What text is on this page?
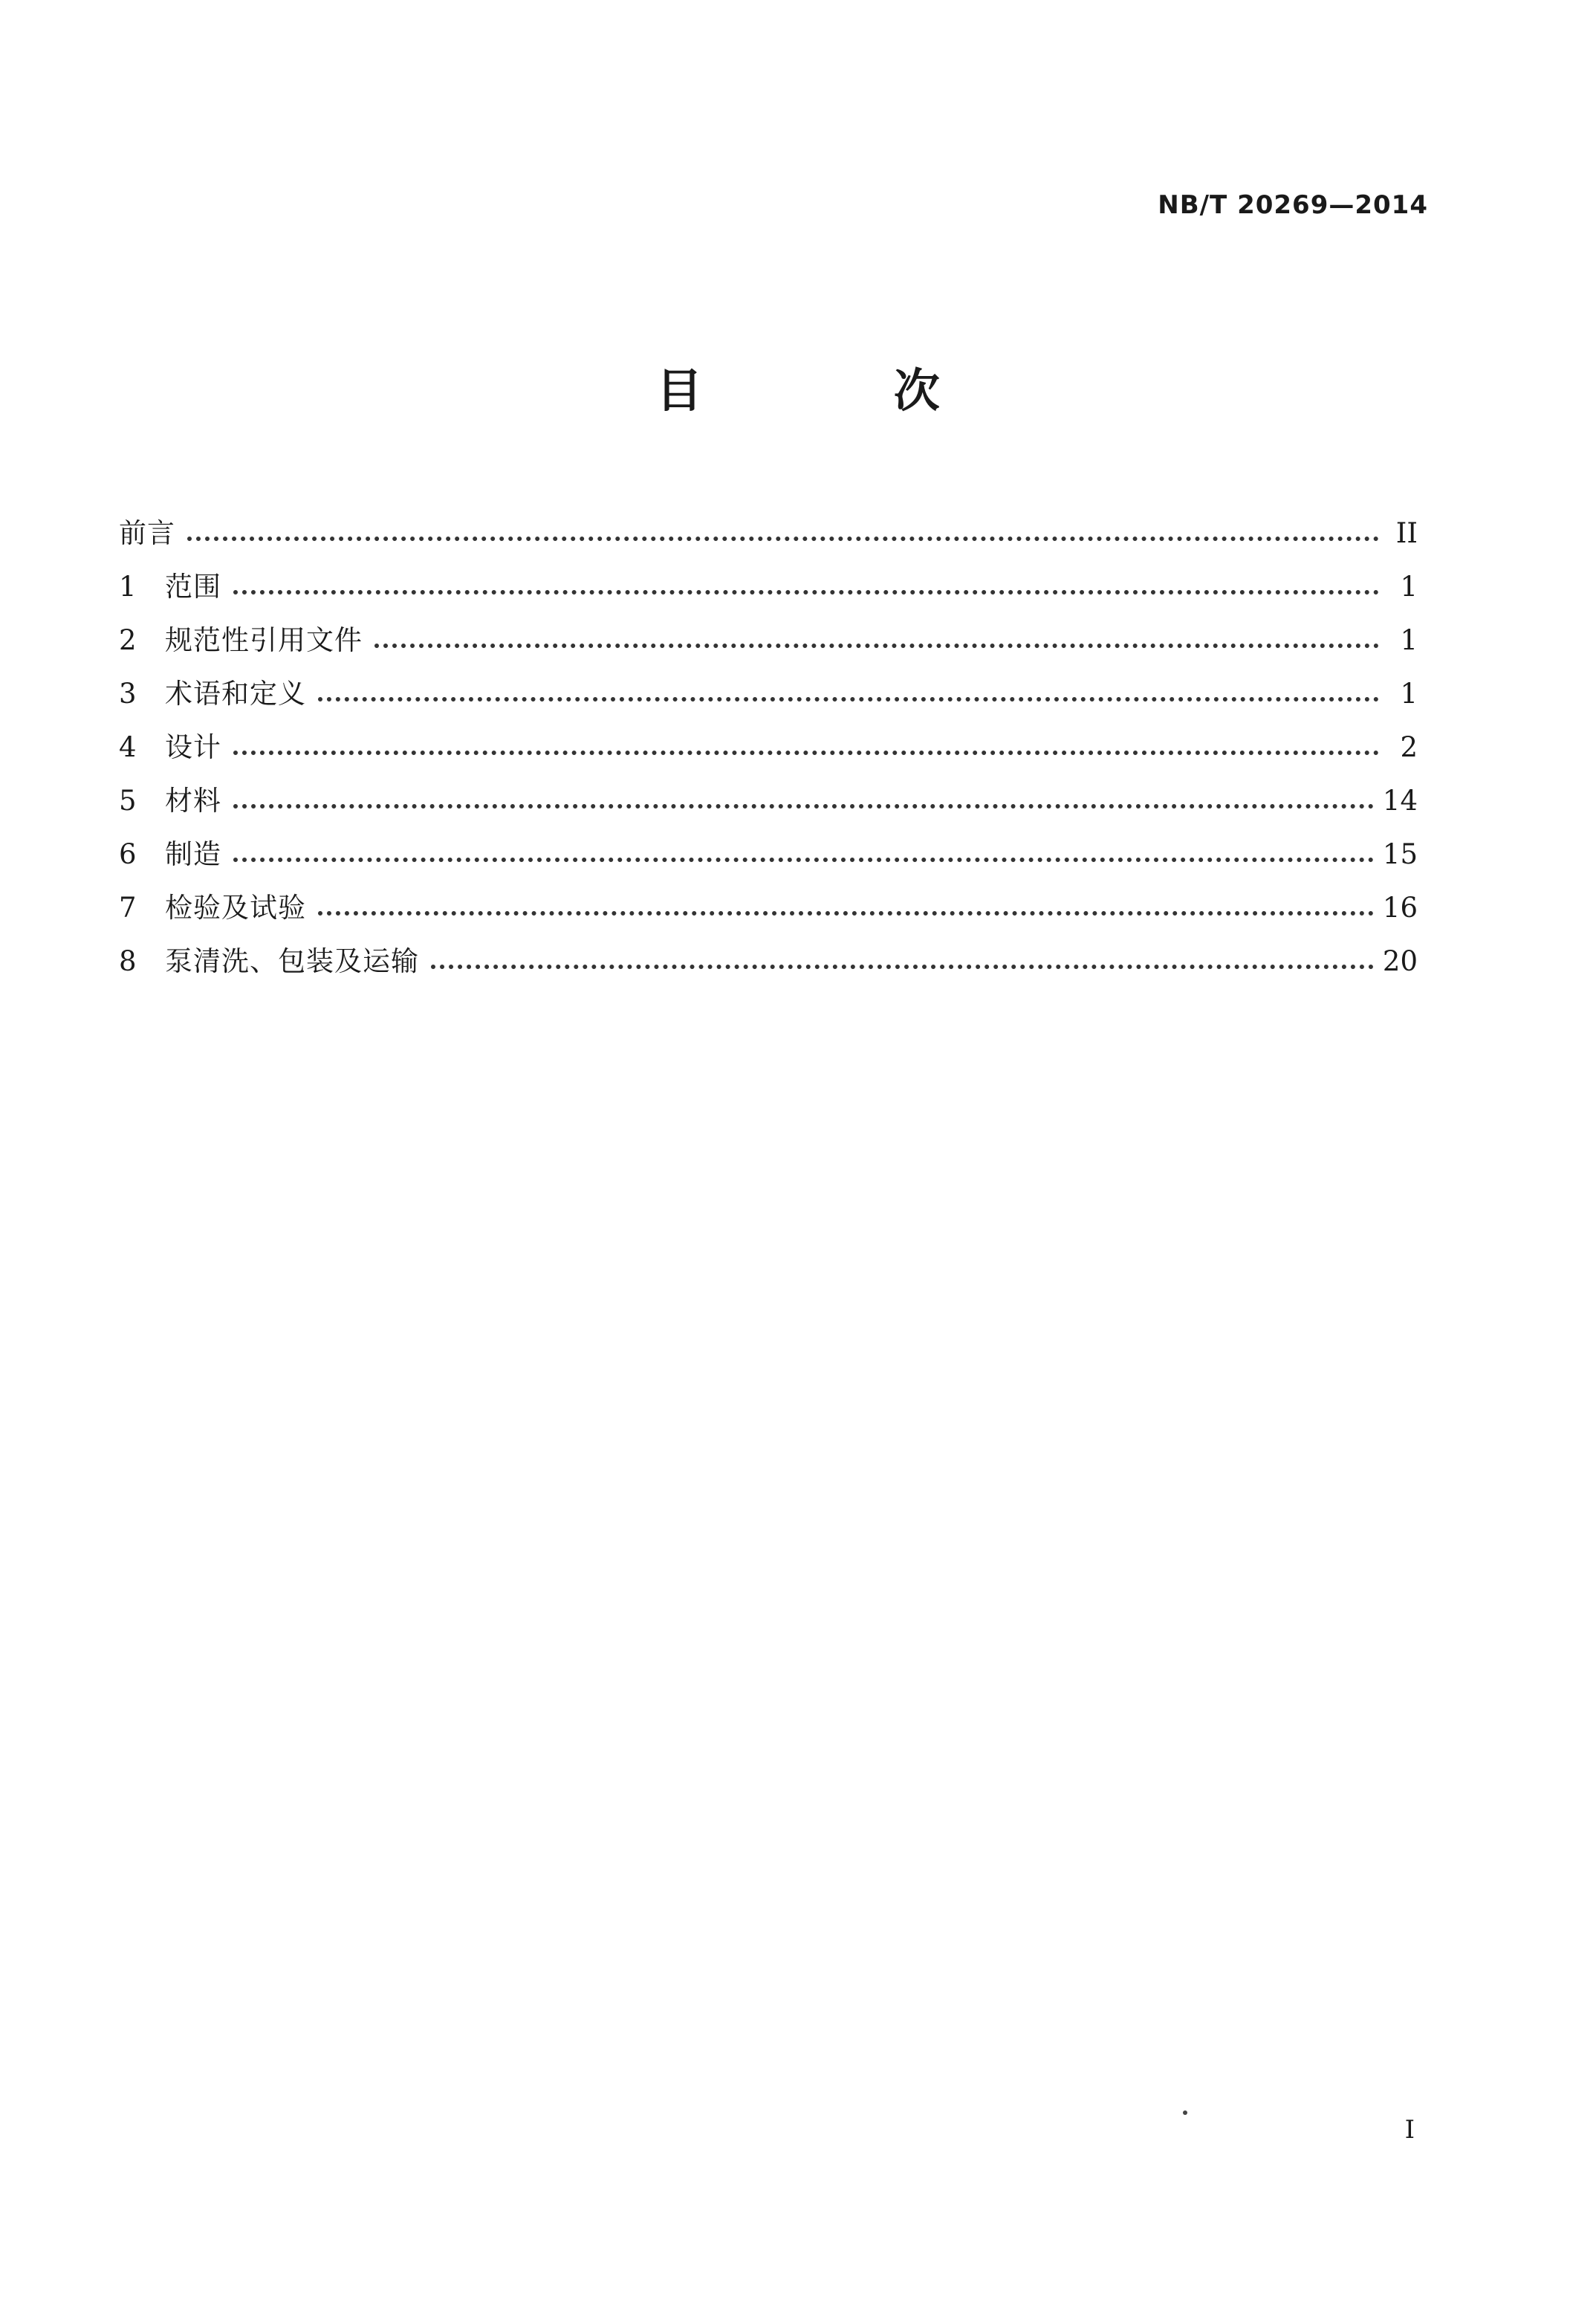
NB/T 20269—2014
目 次
前言	II
1	范围	1
2	规范性引用文件	1
3	术语和定义	1
4	设计	2
5	材料	14
6	制造	15
7	检验及试验	16
8	泵清洗、包装及运输	20
I
